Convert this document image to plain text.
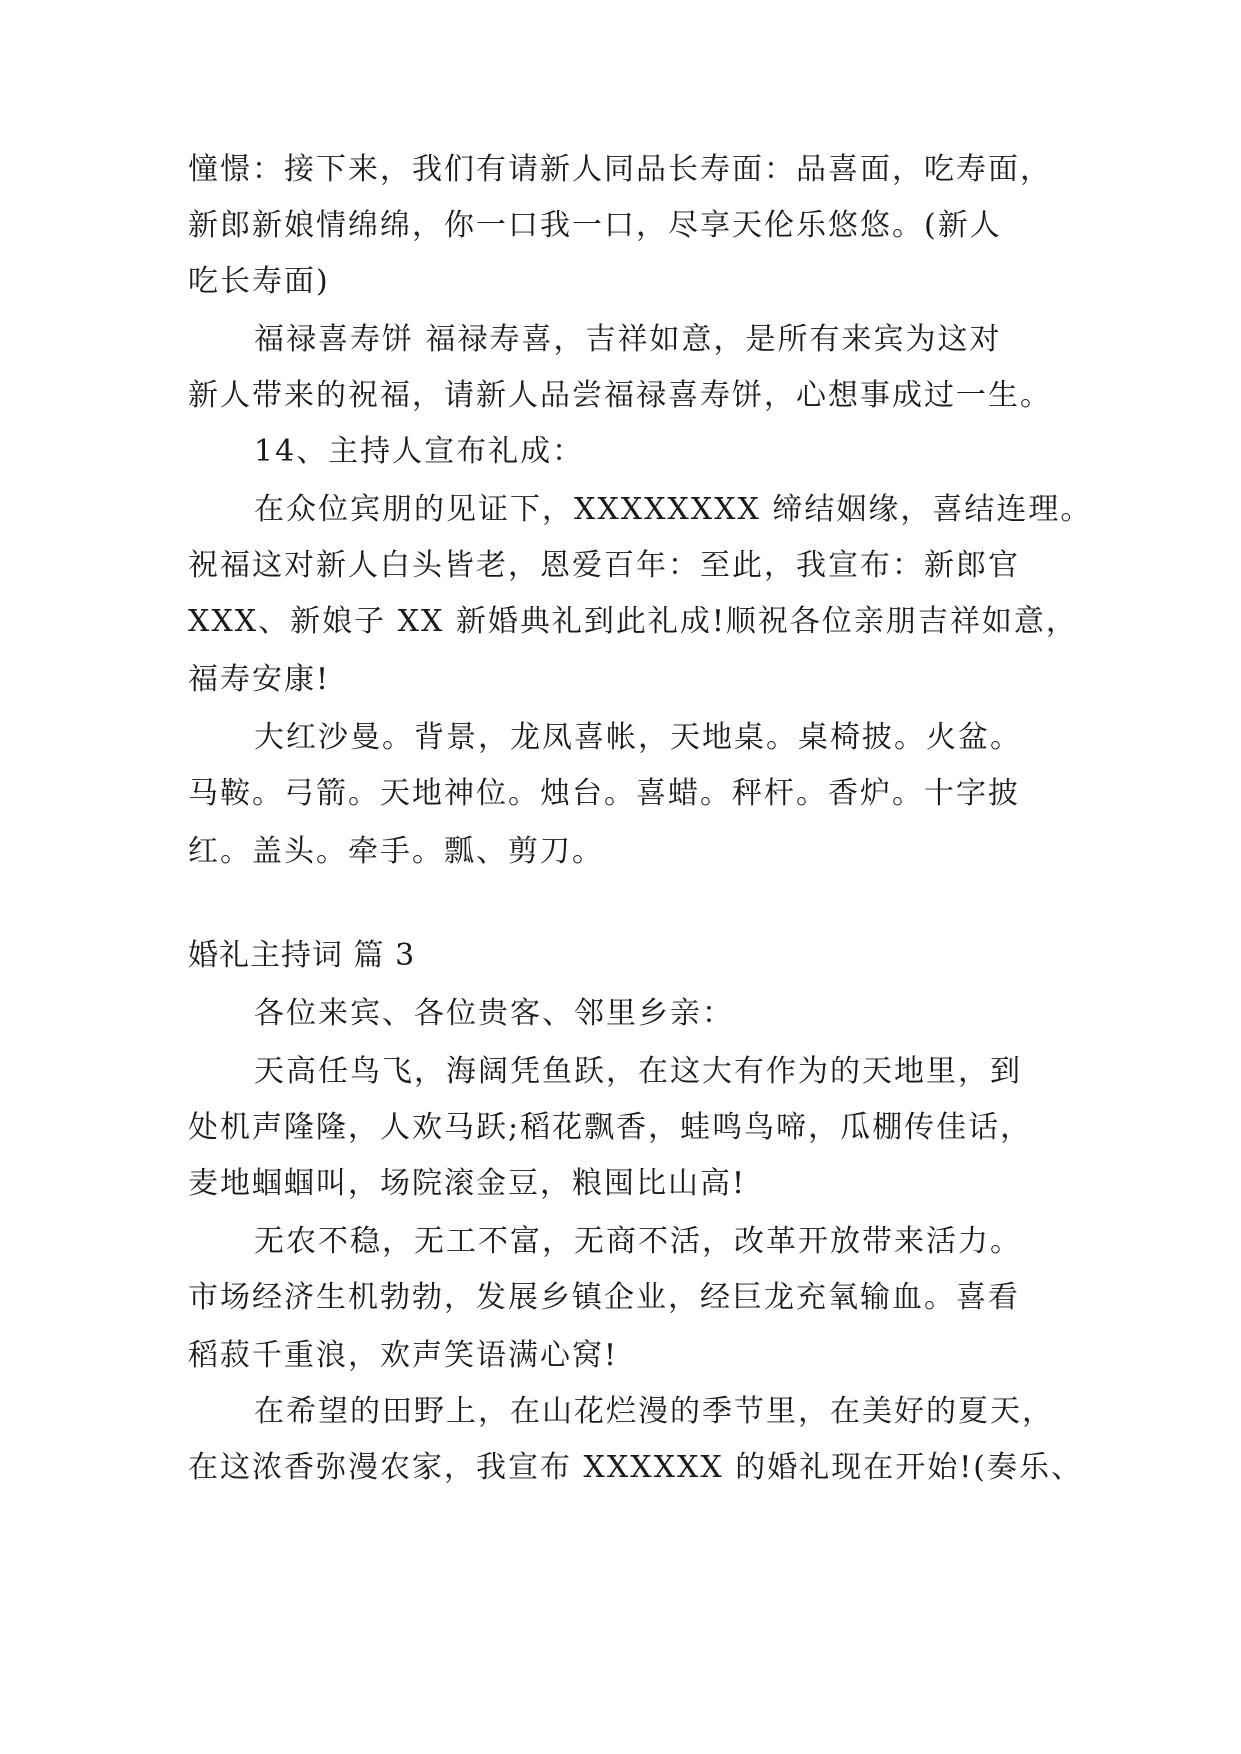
憧憬：接下来，我们有请新人同品长寿面：品喜面，吃寿面，
新郎新娘情绵绵，你一口我一口，尽享天伦乐悠悠。(新人
吃长寿面)
福禄喜寿饼 福禄寿喜，吉祥如意，是所有来宾为这对
新人带来的祝福，请新人品尝福禄喜寿饼，心想事成过一生。
14、主持人宣布礼成：
在众位宾朋的见证下，XXXXXXXX 缔结姻缘，喜结连理。
祝福这对新人白头皆老，恩爱百年：至此，我宣布：新郎官
XXX、新娘子 XX 新婚典礼到此礼成!顺祝各位亲朋吉祥如意，
福寿安康!
大红沙曼。背景，龙凤喜帐，天地桌。桌椅披。火盆。
马鞍。弓箭。天地神位。烛台。喜蜡。秤杆。香炉。十字披
红。盖头。牵手。瓢、剪刀。
婚礼主持词 篇 3
各位来宾、各位贵客、邻里乡亲：
天高任鸟飞，海阔凭鱼跃，在这大有作为的天地里，到
处机声隆隆，人欢马跃;稻花飘香，蛙鸣鸟啼，瓜棚传佳话，
麦地蝈蝈叫，场院滚金豆，粮囤比山高!
无农不稳，无工不富，无商不活，改革开放带来活力。
市场经济生机勃勃，发展乡镇企业，经巨龙充氧输血。喜看
稻菽千重浪，欢声笑语满心窝!
在希望的田野上，在山花烂漫的季节里，在美好的夏天，
在这浓香弥漫农家，我宣布 XXXXXX 的婚礼现在开始!(奏乐、
